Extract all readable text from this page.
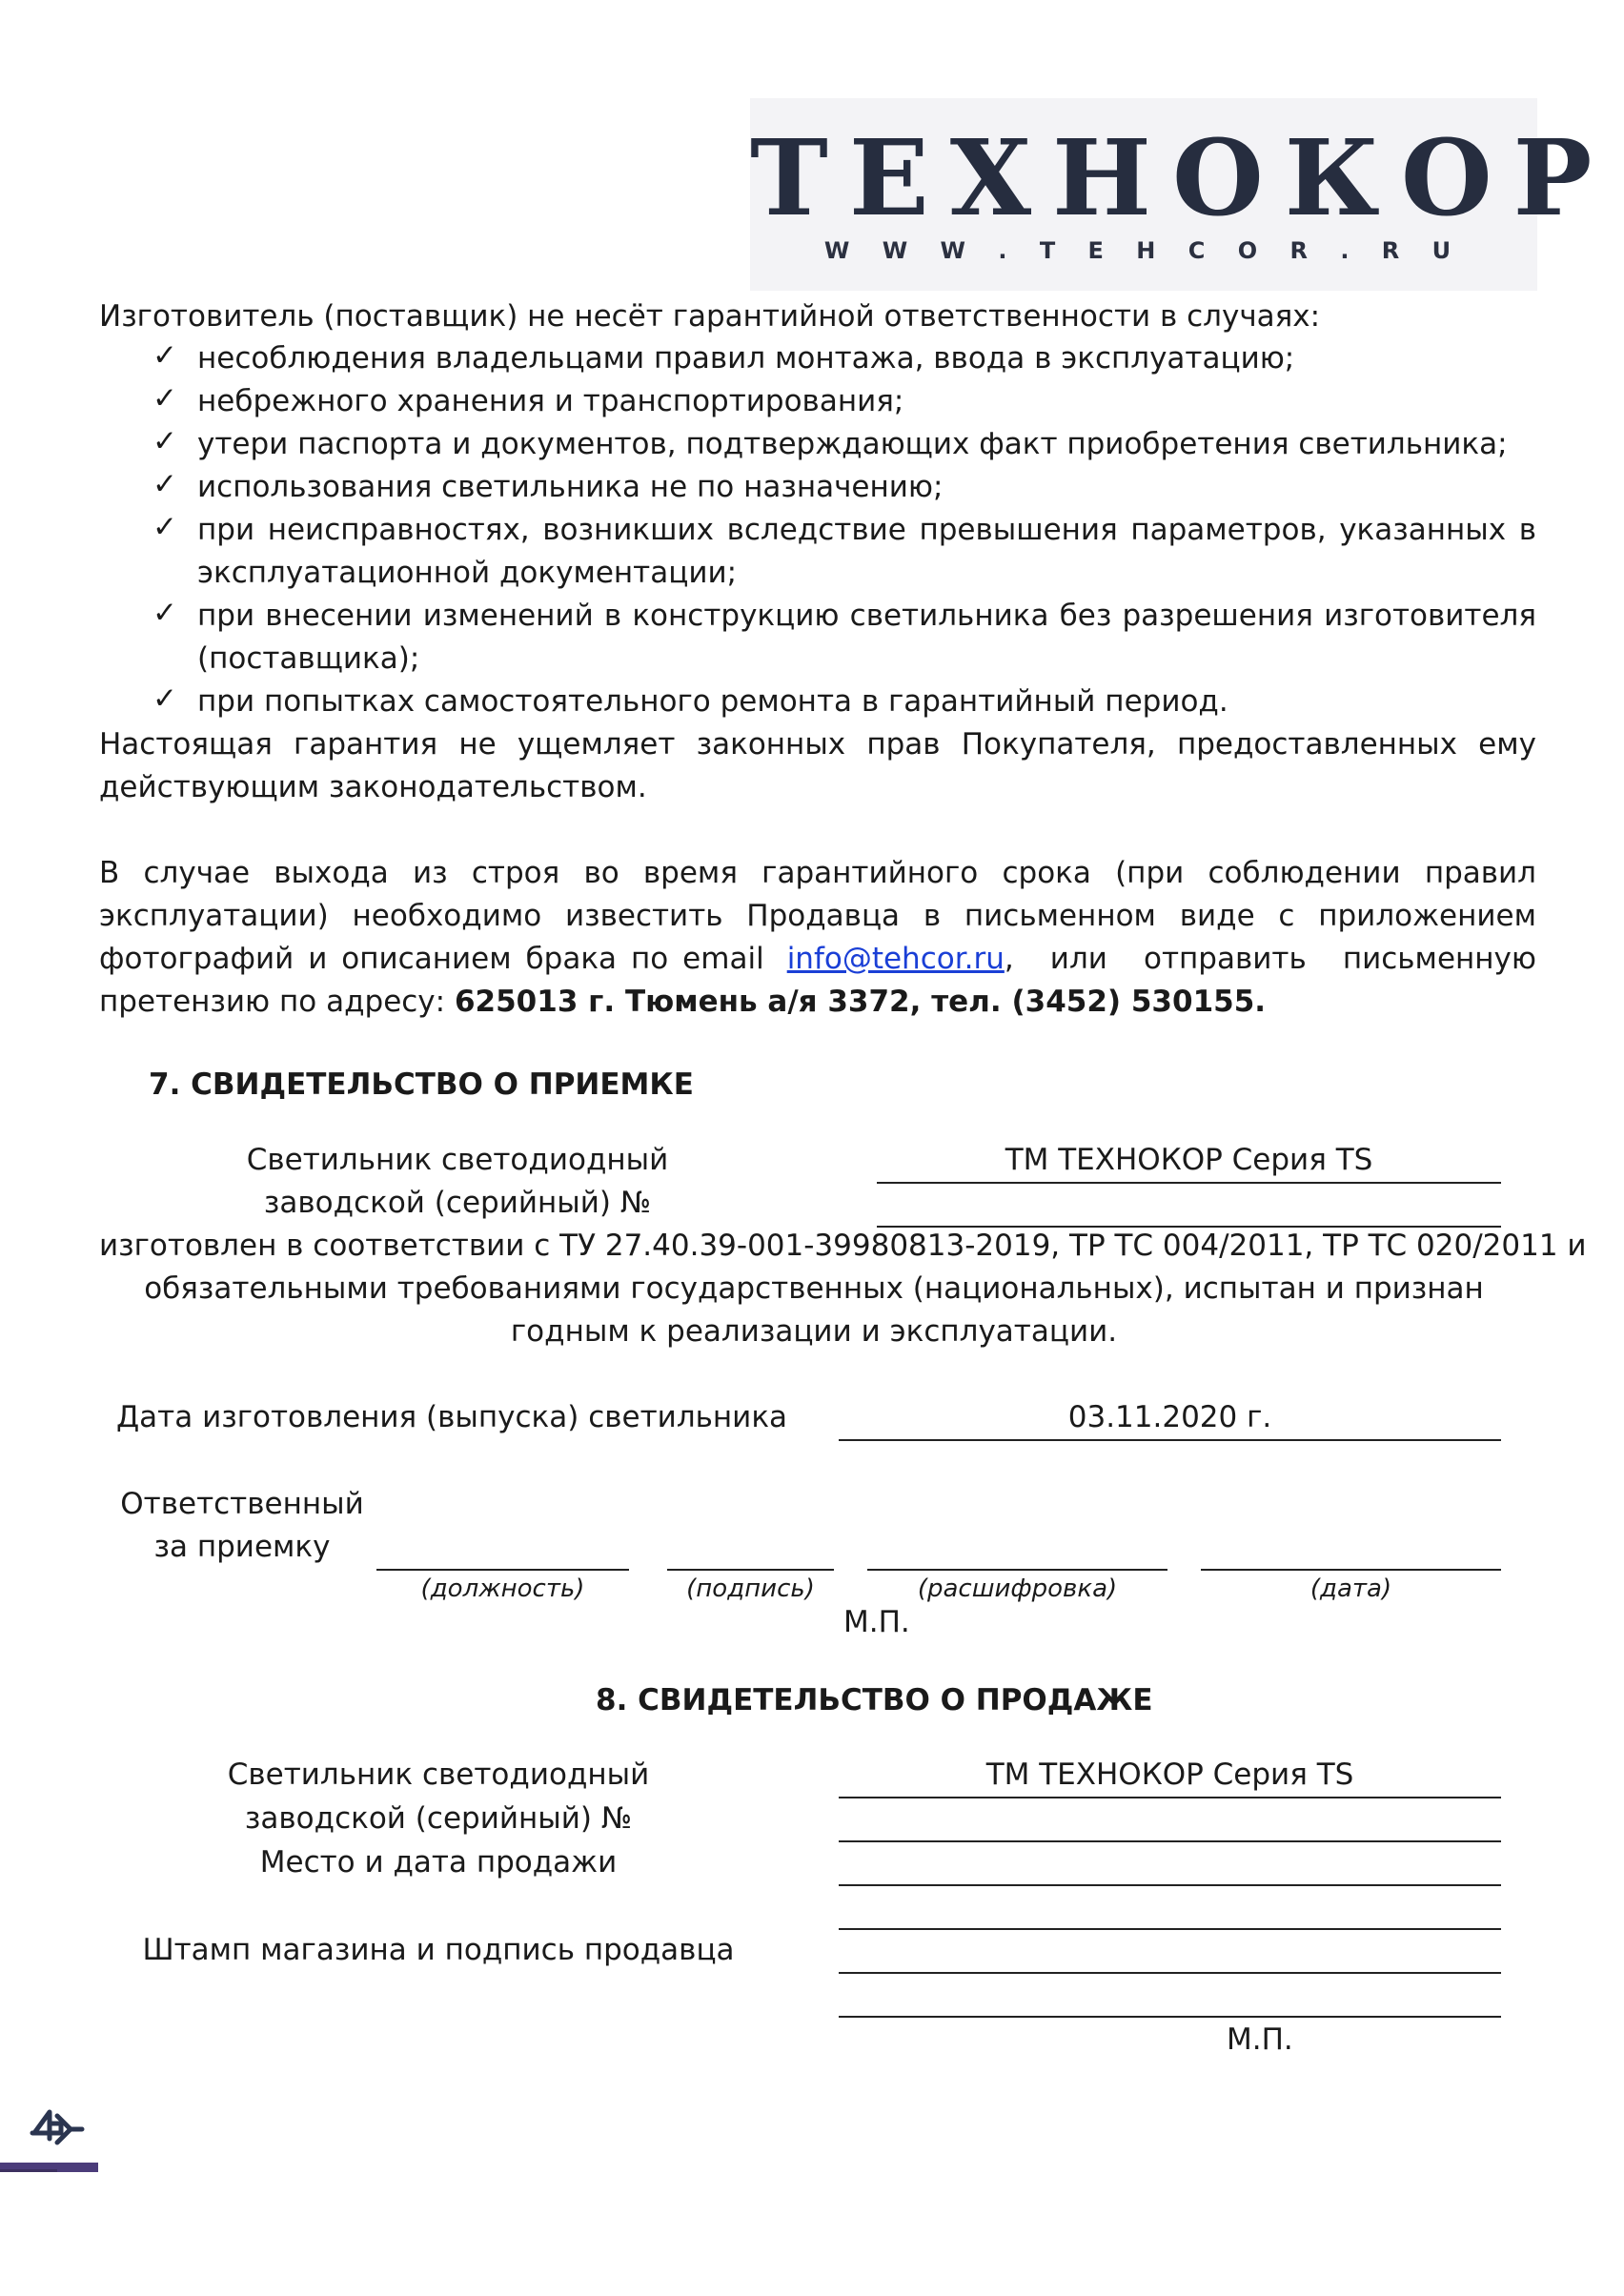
ТЕХНОКОР
W W W . T E H C O R . R U
Изготовитель (поставщик) не несёт гарантийной ответственности в случаях:
✓ несоблюдения владельцами правил монтажа, ввода в эксплуатацию;
✓ небрежного хранения и транспортирования;
✓ утери паспорта и документов, подтверждающих факт приобретения светильника;
✓ использования светильника не по назначению;
✓ при неисправностях, возникших вследствие превышения параметров, указанных в
эксплуатационной документации;
✓ при внесении изменений в конструкцию светильника без разрешения изготовителя
(поставщика);
✓ при попытках самостоятельного ремонта в гарантийный период.
Настоящая гарантия не ущемляет законных прав Покупателя, предоставленных ему
действующим законодательством.
В случае выхода из строя во время гарантийного срока (при соблюдении правил
эксплуатации) необходимо известить Продавца в письменном виде с приложением
фотографий и описанием брака по email info@tehcor.ru , или отправить письменную
претензию по адресу: 625013 г. Тюмень а/я 3372, тел. (3452) 530155.
7. СВИДЕТЕЛЬСТВО О ПРИЕМКЕ
Светильник светодиодный	ТМ ТЕХНОКОР Серия TS
заводской (серийный) №
изготовлен в соответствии с ТУ 27.40.39-001-39980813-2019, ТР ТС 004/2011, ТР ТС 020/2011 и
обязательными требованиями государственных (национальных), испытан и признан
годным к реализации и эксплуатации.
Дата изготовления (выпуска) светильника	03.11.2020 г.
Ответственный
за приемку
(должность)	(подпись)	(расшифровка)	(дата)
М.П.
8. СВИДЕТЕЛЬСТВО О ПРОДАЖЕ
Светильник светодиодный	ТМ ТЕХНОКОР Серия TS
заводской (серийный) №
Место и дата продажи
Штамп магазина и подпись продавца
М.П.
